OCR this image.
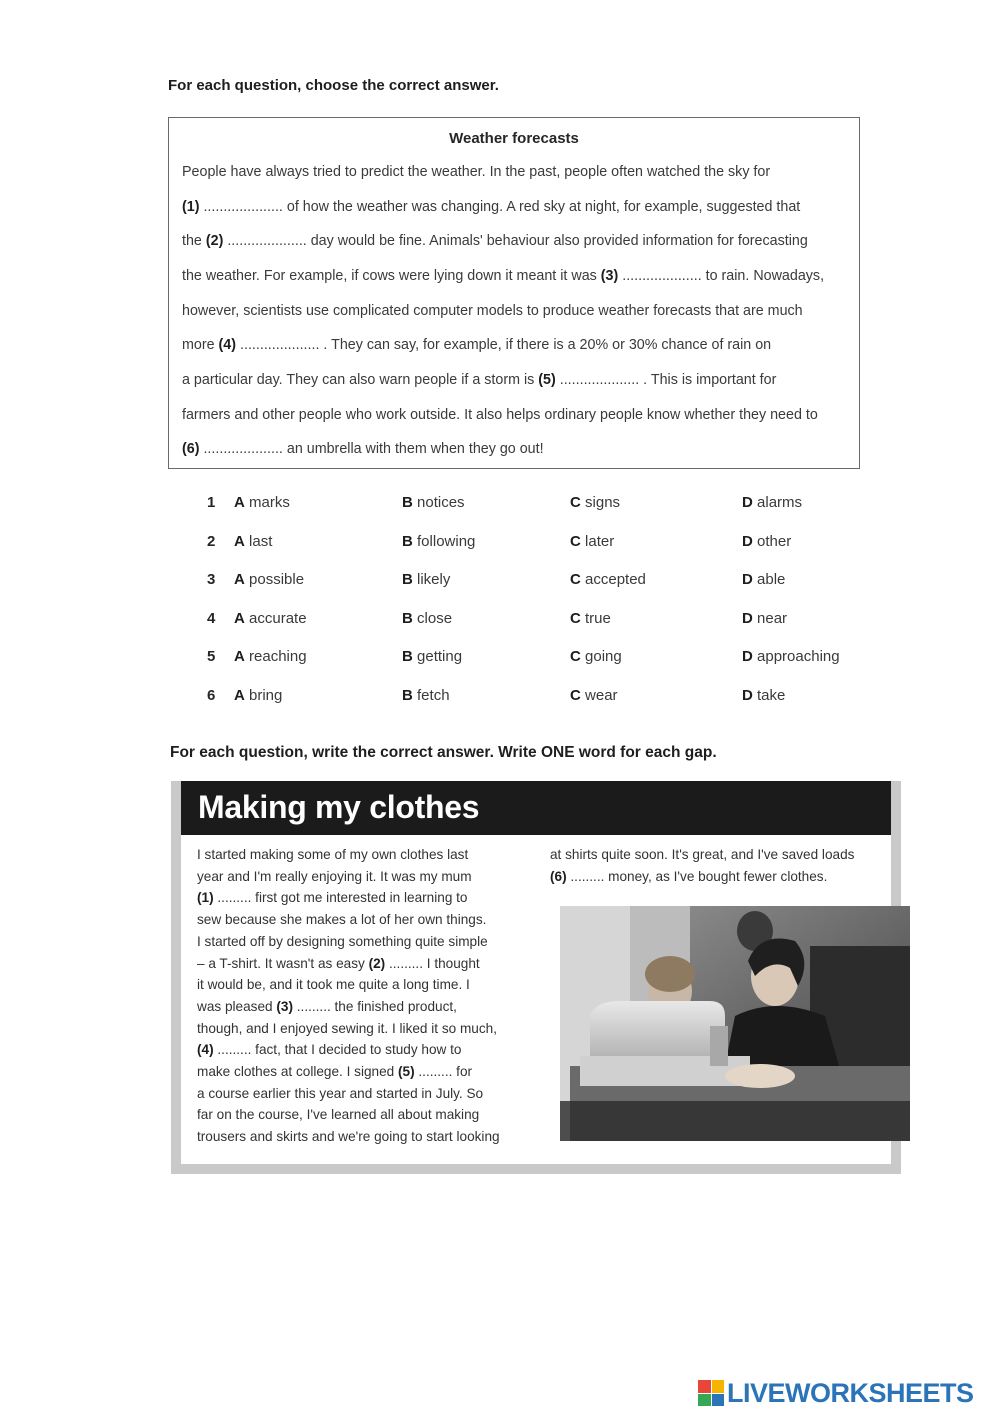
For each question, choose the correct answer.
Weather forecasts
People have always tried to predict the weather. In the past, people often watched the sky for
(1) .................... of how the weather was changing. A red sky at night, for example, suggested that
the (2) .................... day would be fine. Animals' behaviour also provided information for forecasting
the weather. For example, if cows were lying down it meant it was (3) .................... to rain. Nowadays,
however, scientists use complicated computer models to produce weather forecasts that are much
more (4) .................... . They can say, for example, if there is a 20% or 30% chance of rain on
a particular day. They can also warn people if a storm is (5) .................... . This is important for
farmers and other people who work outside. It also helps ordinary people know whether they need to
(6) .................... an umbrella with them when they go out!
1 A marks	B notices	C signs	D alarms
2 A last	B following	C later	D other
3 A possible	B likely	C accepted	D able
4 A accurate	B close	C true	D near
5 A reaching	B getting	C going	D approaching
6 A bring	B fetch	C wear	D take
For each question, write the correct answer. Write ONE word for each gap.
Making my clothes
I started making some of my own clothes last
year and I'm really enjoying it. It was my mum
(1) ......... first got me interested in learning to
sew because she makes a lot of her own things.
I started off by designing something quite simple
– a T-shirt. It wasn't as easy (2) ......... I thought
it would be, and it took me quite a long time. I
was pleased (3) ......... the finished product,
though, and I enjoyed sewing it. I liked it so much,
(4) ......... fact, that I decided to study how to
make clothes at college. I signed (5) ......... for
a course earlier this year and started in July. So
far on the course, I've learned all about making
trousers and skirts and we're going to start looking
at shirts quite soon. It's great, and I've saved loads
(6) ......... money, as I've bought fewer clothes.
LIVEWORKSHEETS
